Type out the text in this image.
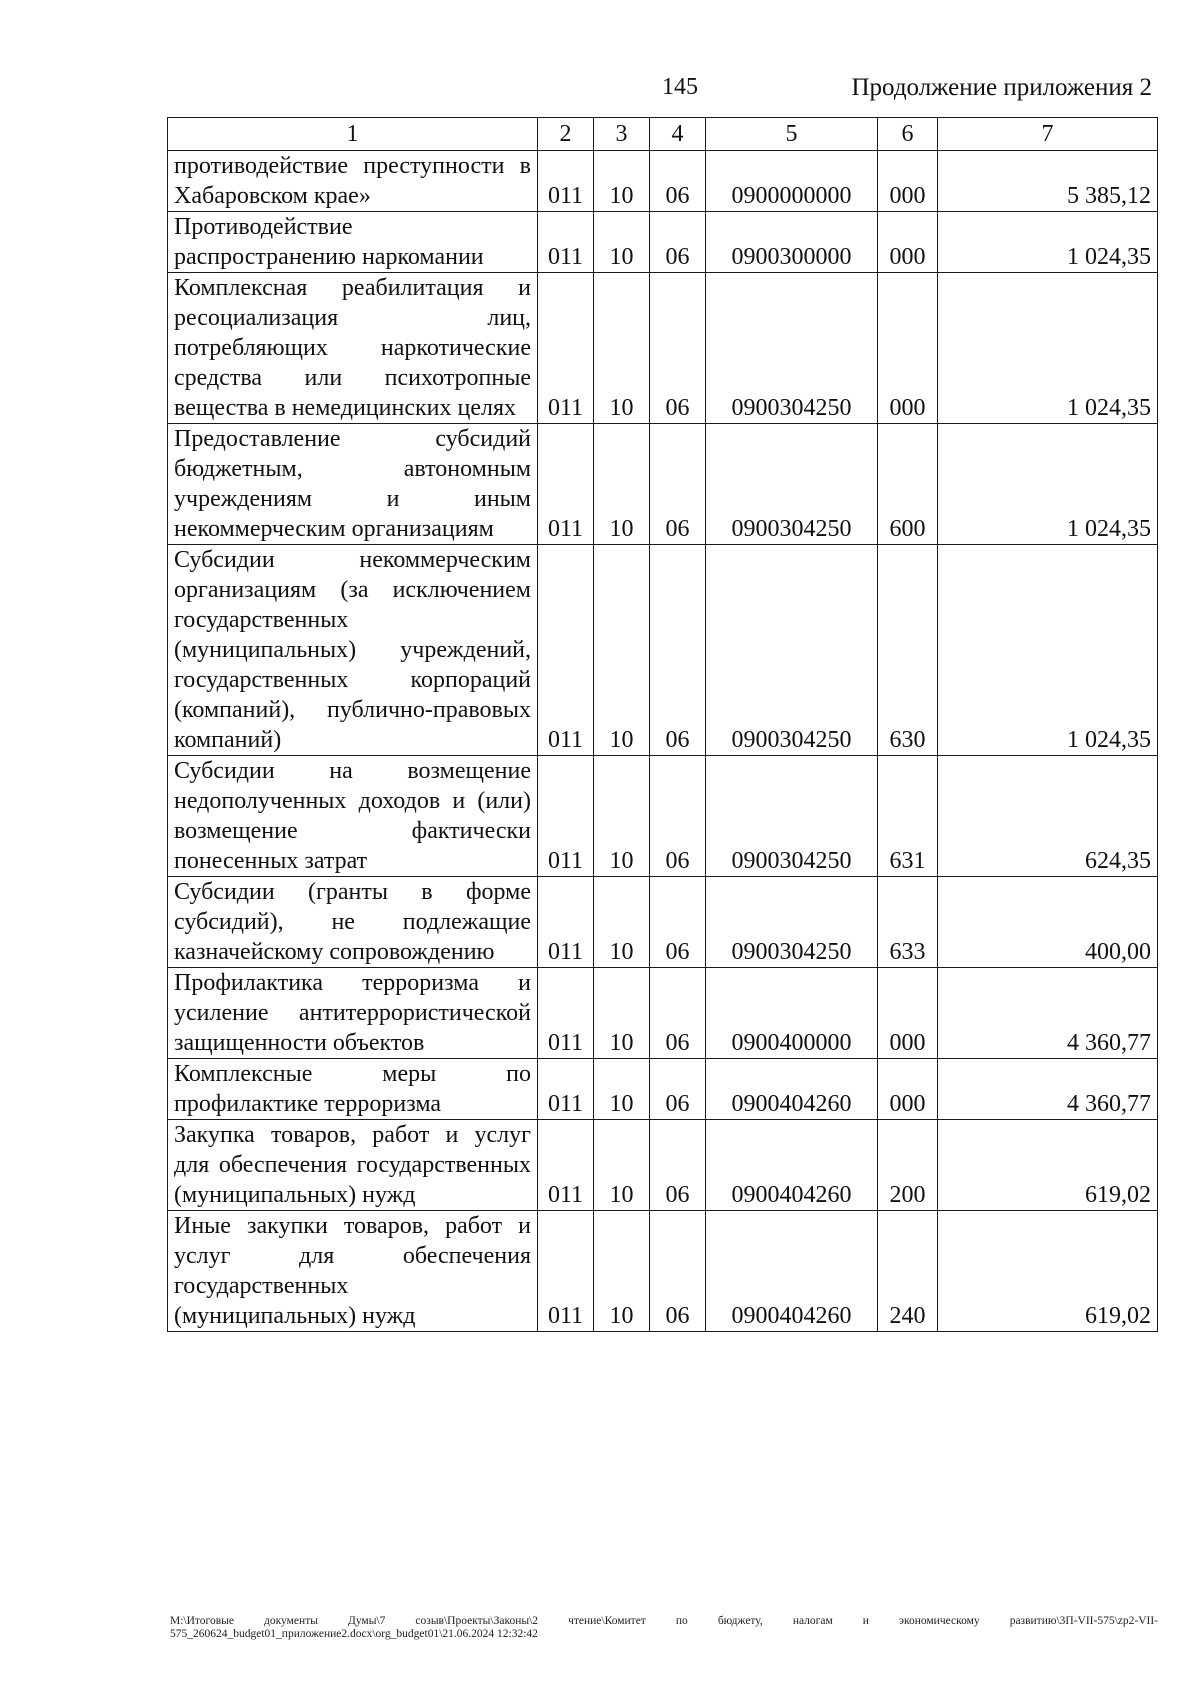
145	Продолжение приложения 2
1	2	3	4	5	6	7
противодействие преступности в Хабаровском крае»	011	10	06	0900000000	000	5 385,12
Противодействие распространению наркомании	011	10	06	0900300000	000	1 024,35
Комплексная реабилитация и ресоциализация лиц, потребляющих наркотические средства или психотропные вещества в немедицинских целях	011	10	06	0900304250	000	1 024,35
Предоставление субсидий бюджетным, автономным учреждениям и иным некоммерческим организациям	011	10	06	0900304250	600	1 024,35
Субсидии некоммерческим организациям (за исключением государственных (муниципальных) учреждений, государственных корпораций (компаний), публично-правовых компаний)	011	10	06	0900304250	630	1 024,35
Субсидии на возмещение недополученных доходов и (или) возмещение фактически понесенных затрат	011	10	06	0900304250	631	624,35
Субсидии (гранты в форме субсидий), не подлежащие казначейскому сопровождению	011	10	06	0900304250	633	400,00
Профилактика терроризма и усиление антитеррористической защищенности объектов	011	10	06	0900400000	000	4 360,77
Комплексные меры по профилактике терроризма	011	10	06	0900404260	000	4 360,77
Закупка товаров, работ и услуг для обеспечения государственных (муниципальных) нужд	011	10	06	0900404260	200	619,02
Иные закупки товаров, работ и услуг для обеспечения государственных (муниципальных) нужд	011	10	06	0900404260	240	619,02
M:\Итоговые документы Думы\7 созыв\Проекты\Законы\2 чтение\Комитет по бюджету, налогам и экономическому развитию\3П-VII-575\zp2-VII-575_260624_budget01_приложение2.docx\org_budget01\21.06.2024 12:32:42
